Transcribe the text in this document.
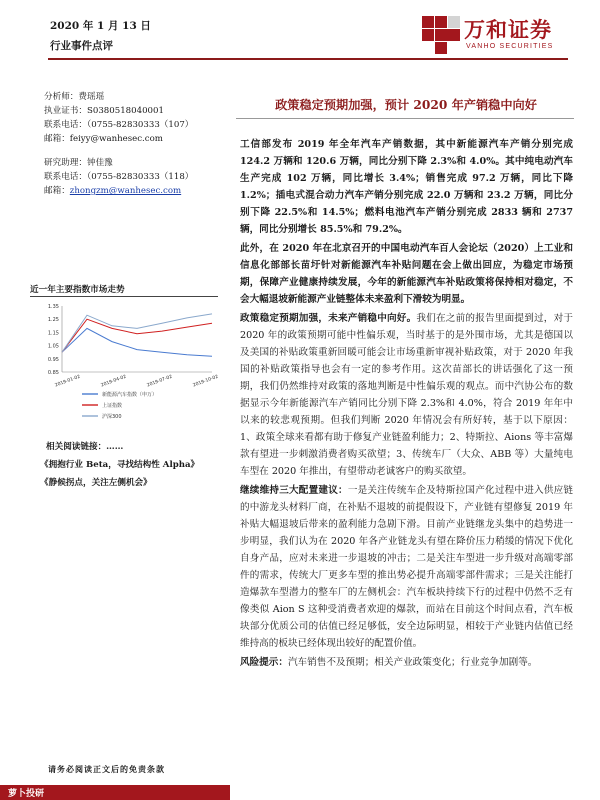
2020 年 1 月 13 日
行业事件点评
万和证券
VANHO SECURITIES
分析师：费瑶瑶
执业证书：S0380518040001
联系电话：（0755-82830333（107）
邮箱：feiyy@wanhesec.com
研究助理：钟佳豫
联系电话：（0755-82830333（118）
邮箱：zhongzm@wanhesec.com
近一年主要指数市场走势
1.35
1.25
1.15
1.05
0.95
0.85
2019-01-02	2019-04-02	2019-07-02	2019-10-02
新能源汽车指数（申万）
上证指数
沪深300
相关阅读链接：……
《拥抱行业 Beta，寻找结构性 Alpha》
《静候拐点，关注左侧机会》
政策稳定预期加强，预计 2020 年产销稳中向好

工信部发布 2019 年全年汽车产销数据，其中新能源汽车产销分别完成 124.2 万辆和 120.6 万辆，同比分别下降 2.3%和 4.0%。其中纯电动汽车生产完成 102 万辆，同比增长 3.4%；销售完成 97.2 万辆，同比下降 1.2%；插电式混合动力汽车产销分别完成 22.0 万辆和 23.2 万辆，同比分别下降 22.5%和 14.5%；燃料电池汽车产销分别完成 2833 辆和 2737 辆，同比分别增长 85.5%和 79.2%。

此外，在 2020 年在北京召开的中国电动汽车百人会论坛（2020）上工业和信息化部部长苗圩针对新能源汽车补贴问题在会上做出回应，为稳定市场预期，保障产业健康持续发展，今年的新能源汽车补贴政策将保持相对稳定，不会大幅退坡新能源产业链整体未来盈利下滑较为明显。

政策稳定预期加强，未来产销稳中向好。我们在之前的报告里面提到过，对于 2020 年的政策预期可能中性偏乐观，当时基于的是外围市场，尤其是德国以及美国的补贴政策重新回暖可能会让市场重新审视补贴政策，对于 2020 年我国的补贴政策指导也会有一定的参考作用。这次苗部长的讲话强化了这一预期，我们仍然维持对政策的落地判断是中性偏乐观的观点。而中汽协公布的数据显示今年新能源汽车产销同比分别下降 2.3%和 4.0%，符合 2019 年年中以来的较悲观预期。但我们判断 2020 年情况会有所好转，基于以下原因：1、政策全球来看都有助于修复产业链盈利能力；2、特斯拉、Aions 等丰富爆款有望进一步刺激消费者购买欲望；3、传统车厂（大众、ABB 等）大量纯电车型在 2020 年推出，有望带动老诚客户的购买欲望。

继续维持三大配置建议：一是关注传统车企及特斯拉国产化过程中进入供应链的中游龙头材料厂商，在补贴不退坡的前提假设下，产业链有望修复 2019 年补贴大幅退坡后带来的盈利能力急剧下滑。目前产业链继龙头集中的趋势进一步明显，我们认为在 2020 年各产业链龙头有望在降价压力稍缓的情况下优化自身产品，应对未来进一步退坡的冲击；二是关注车型进一步升级对高端零部件的需求，传统大厂更多车型的推出势必提升高端零部件需求；三是关注能打造爆款车型潜力的整车厂的左侧机会：汽车板块持续下行的过程中仍然不乏有像类似 Aion S 这种受消费者欢迎的爆款，而站在目前这个时间点看，汽车板块部分优质公司的估值已经足够低，安全边际明显，相较于产业链内估值已经维持高的板块已经体现出较好的配置价值。

风险提示：汽车销售不及预期；相关产业政策变化；行业竞争加剧等。

请务必阅读正文后的免责条款
萝卜投研
